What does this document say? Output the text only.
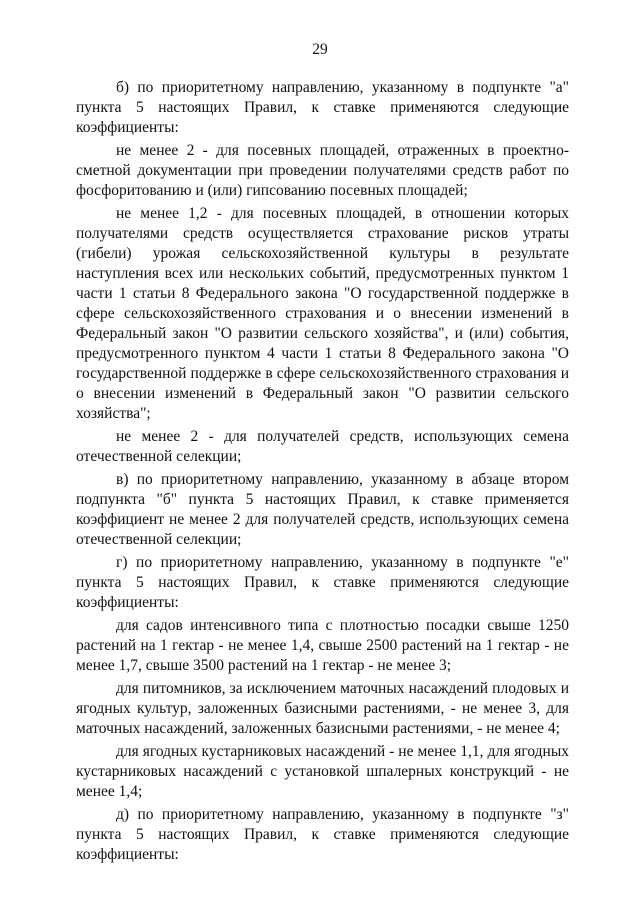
29

б) по приоритетному направлению, указанному в подпункте "а" пункта 5 настоящих Правил, к ставке применяются следующие коэффициенты:

не менее 2 - для посевных площадей, отраженных в проектно-сметной документации при проведении получателями средств работ по фосфоритованию и (или) гипсованию посевных площадей;

не менее 1,2 - для посевных площадей, в отношении которых получателями средств осуществляется страхование рисков утраты (гибели) урожая сельскохозяйственной культуры в результате наступления всех или нескольких событий, предусмотренных пунктом 1 части 1 статьи 8 Федерального закона "О государственной поддержке в сфере сельскохозяйственного страхования и о внесении изменений в Федеральный закон "О развитии сельского хозяйства", и (или) события, предусмотренного пунктом 4 части 1 статьи 8 Федерального закона "О государственной поддержке в сфере сельскохозяйственного страхования и о внесении изменений в Федеральный закон "О развитии сельского хозяйства";

не менее 2 - для получателей средств, использующих семена отечественной селекции;

в) по приоритетному направлению, указанному в абзаце втором подпункта "б" пункта 5 настоящих Правил, к ставке применяется коэффициент не менее 2 для получателей средств, использующих семена отечественной селекции;

г) по приоритетному направлению, указанному в подпункте "е" пункта 5 настоящих Правил, к ставке применяются следующие коэффициенты:

для садов интенсивного типа с плотностью посадки свыше 1250 растений на 1 гектар - не менее 1,4, свыше 2500 растений на 1 гектар - не менее 1,7, свыше 3500 растений на 1 гектар - не менее 3;

для питомников, за исключением маточных насаждений плодовых и ягодных культур, заложенных базисными растениями, - не менее 3, для маточных насаждений, заложенных базисными растениями, - не менее 4;

для ягодных кустарниковых насаждений - не менее 1,1, для ягодных кустарниковых насаждений с установкой шпалерных конструкций - не менее 1,4;

д) по приоритетному направлению, указанному в подпункте "з" пункта 5 настоящих Правил, к ставке применяются следующие коэффициенты:
